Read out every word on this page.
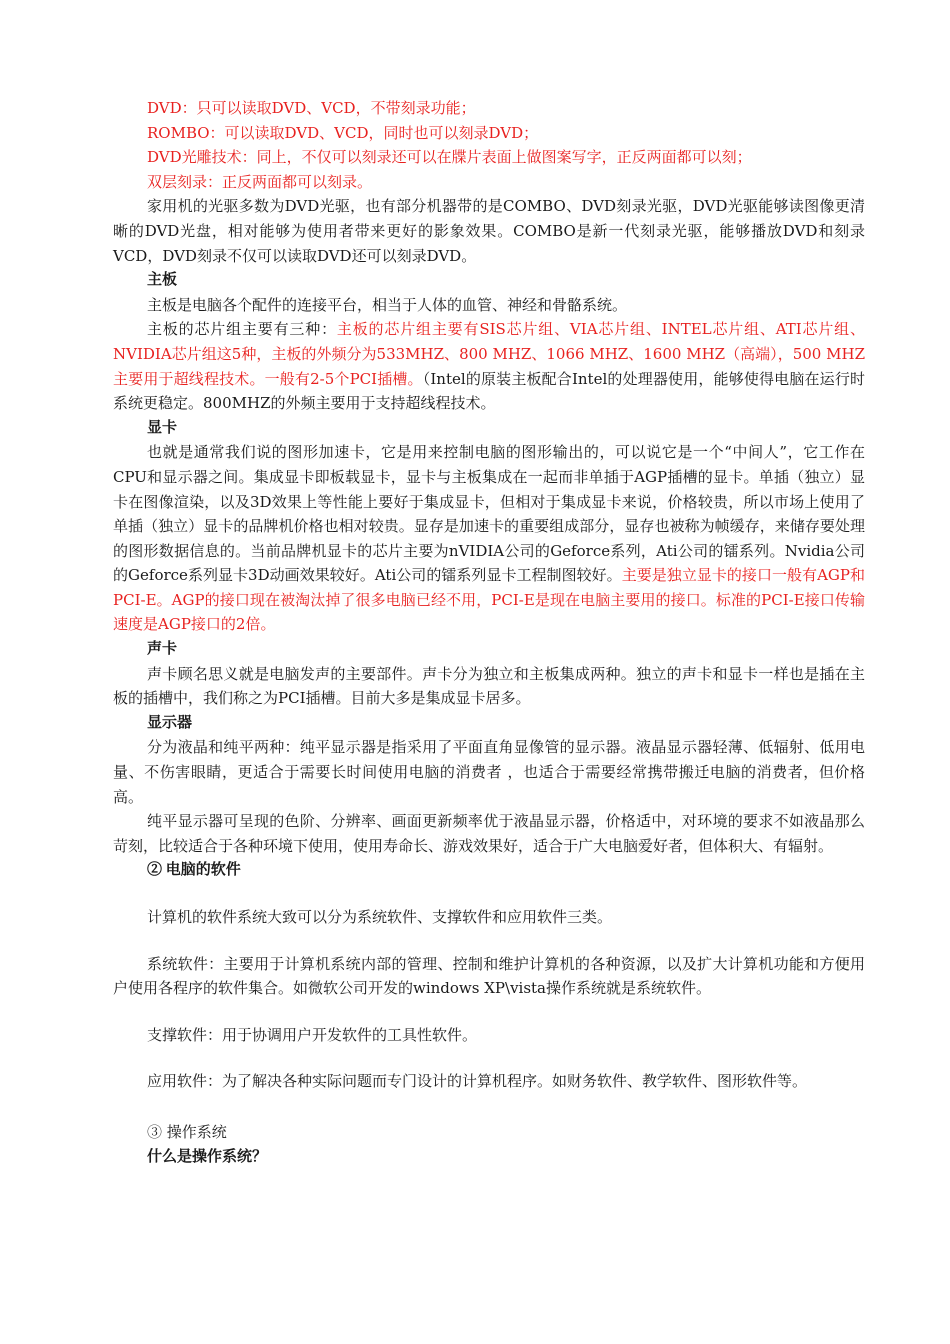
DVD：只可以读取DVD、VCD，不带刻录功能；

ROMBO：可以读取DVD、VCD，同时也可以刻录DVD；

DVD光雕技术：同上，不仅可以刻录还可以在牒片表面上做图案写字，正反两面都可以刻；

双层刻录：正反两面都可以刻录。

家用机的光驱多数为DVD光驱，也有部分机器带的是COMBO、DVD刻录光驱，DVD光驱能够读图像更清晰的DVD光盘，相对能够为使用者带来更好的影象效果。COMBO是新一代刻录光驱，能够播放DVD和刻录VCD，DVD刻录不仅可以读取DVD还可以刻录DVD。

主板

主板是电脑各个配件的连接平台，相当于人体的血管、神经和骨骼系统。

主板的芯片组主要有三种：主板的芯片组主要有SIS芯片组、VIA芯片组、INTEL芯片组、ATI芯片组、NVIDIA芯片组这5种，主板的外频分为533MHZ、800 MHZ、1066 MHZ、1600 MHZ（高端），500 MHZ主要用于超线程技术。一般有2-5个PCI插槽。（Intel的原装主板配合Intel的处理器使用，能够使得电脑在运行时系统更稳定。800MHZ的外频主要用于支持超线程技术。

显卡

也就是通常我们说的图形加速卡，它是用来控制电脑的图形输出的，可以说它是一个“中间人”，它工作在CPU和显示器之间。集成显卡即板载显卡，显卡与主板集成在一起而非单插于AGP插槽的显卡。单插（独立）显卡在图像渲染，以及3D效果上等性能上要好于集成显卡，但相对于集成显卡来说，价格较贵，所以市场上使用了单插（独立）显卡的品牌机价格也相对较贵。显存是加速卡的重要组成部分，显存也被称为帧缓存，来储存要处理的图形数据信息的。当前品牌机显卡的芯片主要为nVIDIA公司的Geforce系列，Ati公司的镭系列。Nvidia公司的Geforce系列显卡3D动画效果较好。Ati公司的镭系列显卡工程制图较好。主要是独立显卡的接口一般有AGP和PCI-E。AGP的接口现在被淘汰掉了很多电脑已经不用，PCI-E是现在电脑主要用的接口。标准的PCI-E接口传输速度是AGP接口的2倍。

声卡

声卡顾名思义就是电脑发声的主要部件。声卡分为独立和主板集成两种。独立的声卡和显卡一样也是插在主板的插槽中，我们称之为PCI插槽。目前大多是集成显卡居多。

显示器

分为液晶和纯平两种：纯平显示器是指采用了平面直角显像管的显示器。液晶显示器轻薄、低辐射、低用电量、不伤害眼睛，更适合于需要长时间使用电脑的消费者 ，也适合于需要经常携带搬迁电脑的消费者，但价格高。

纯平显示器可呈现的色阶、分辨率、画面更新频率优于液晶显示器，价格适中，对环境的要求不如液晶那么苛刻，比较适合于各种环境下使用，使用寿命长、游戏效果好，适合于广大电脑爱好者，但体积大、有辐射。

② 电脑的软件

计算机的软件系统大致可以分为系统软件、支撑软件和应用软件三类。

系统软件：主要用于计算机系统内部的管理、控制和维护计算机的各种资源，以及扩大计算机功能和方便用户使用各程序的软件集合。如微软公司开发的windows XP\vista操作系统就是系统软件。

支撑软件：用于协调用户开发软件的工具性软件。

应用软件：为了解决各种实际问题而专门设计的计算机程序。如财务软件、教学软件、图形软件等。

③ 操作系统

什么是操作系统？
